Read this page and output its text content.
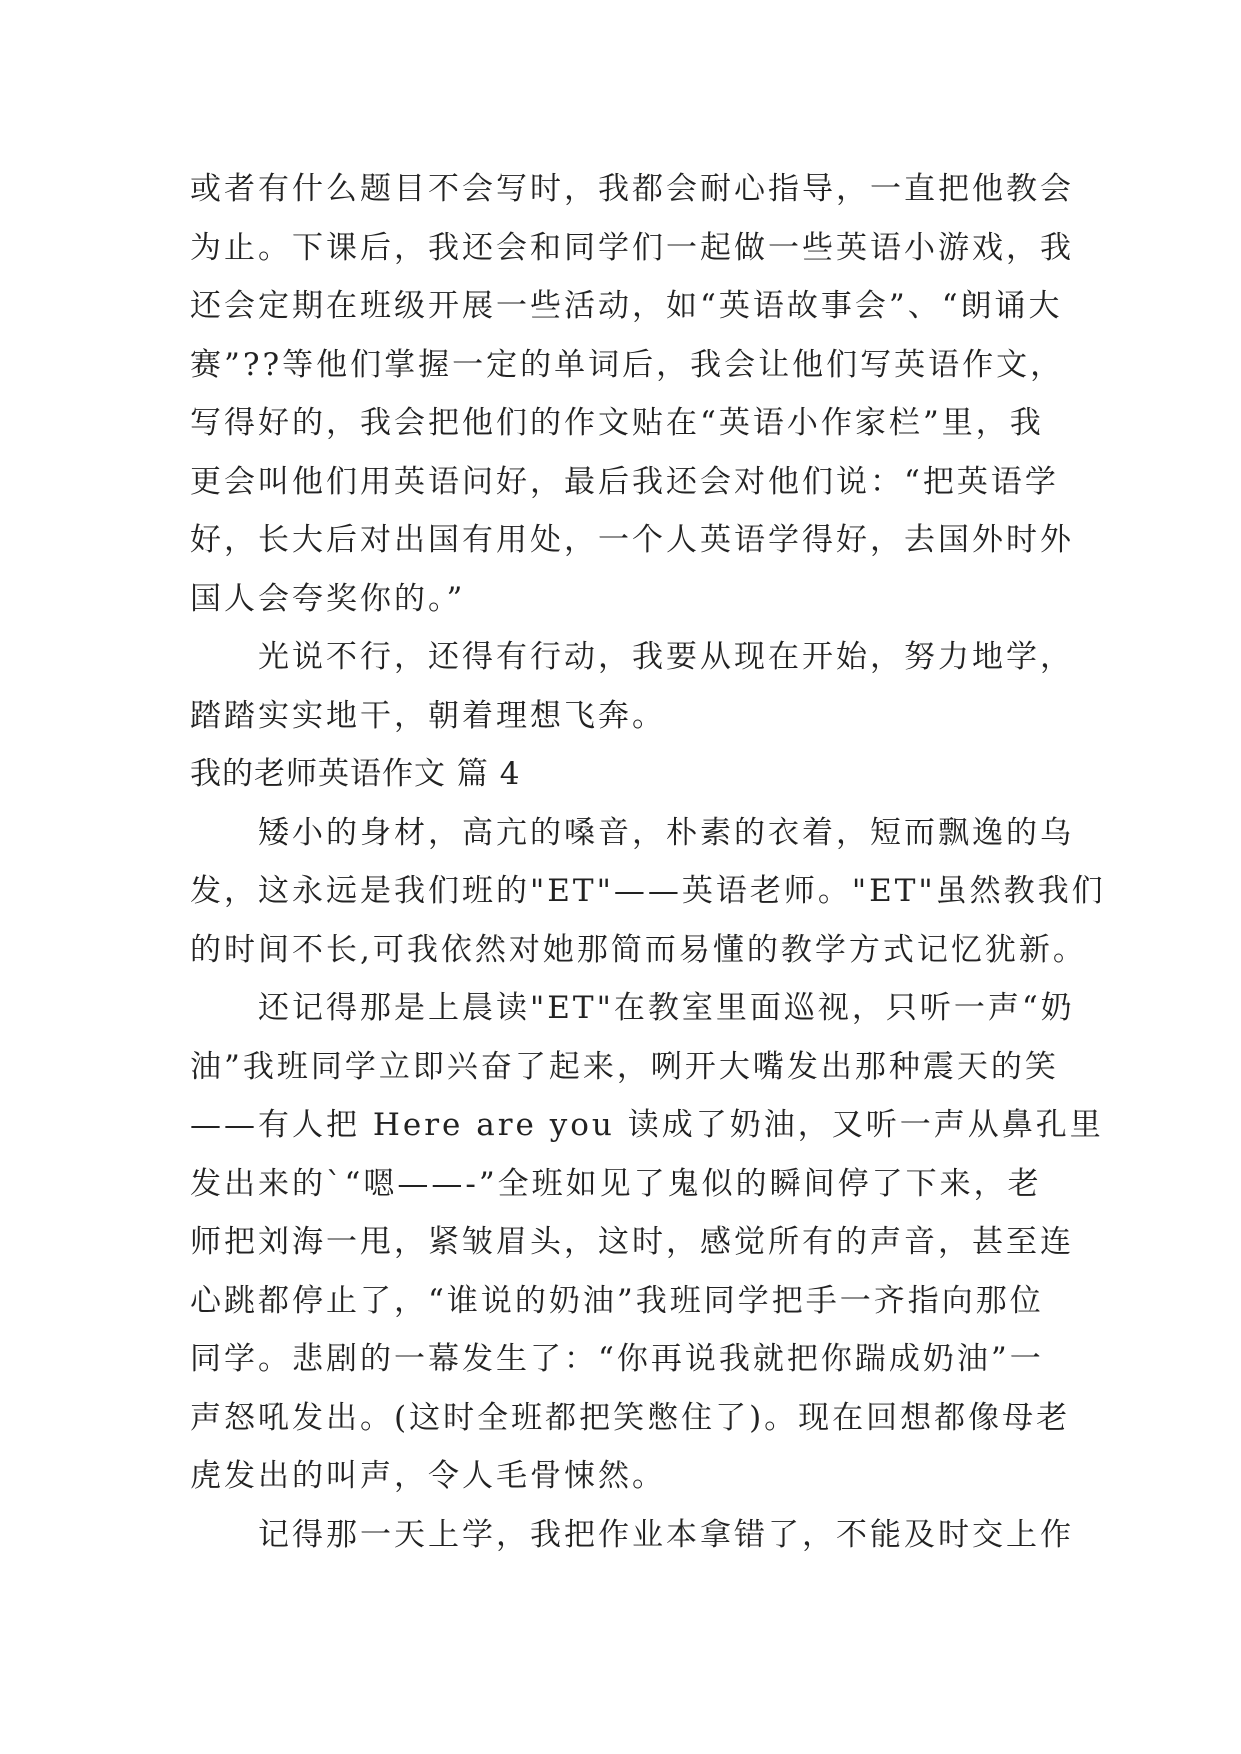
或者有什么题目不会写时，我都会耐心指导，一直把他教会
为止。下课后，我还会和同学们一起做一些英语小游戏，我
还会定期在班级开展一些活动，如“英语故事会”、“朗诵大
赛”??等他们掌握一定的单词后，我会让他们写英语作文，
写得好的，我会把他们的作文贴在“英语小作家栏”里，我
更会叫他们用英语问好，最后我还会对他们说：“把英语学
好，长大后对出国有用处，一个人英语学得好，去国外时外
国人会夸奖你的。”
光说不行，还得有行动，我要从现在开始，努力地学，
踏踏实实地干，朝着理想飞奔。
我的老师英语作文 篇 4
矮小的身材，高亢的嗓音，朴素的衣着，短而飘逸的乌
发，这永远是我们班的"ET"——英语老师。"ET"虽然教我们
的时间不长,可我依然对她那简而易懂的教学方式记忆犹新。
还记得那是上晨读"ET"在教室里面巡视，只听一声“奶
油”我班同学立即兴奋了起来，咧开大嘴发出那种震天的笑
——有人把 Here are you 读成了奶油，又听一声从鼻孔里
发出来的`“嗯——-”全班如见了鬼似的瞬间停了下来，老
师把刘海一甩，紧皱眉头，这时，感觉所有的声音，甚至连
心跳都停止了，“谁说的奶油”我班同学把手一齐指向那位
同学。悲剧的一幕发生了：“你再说我就把你踹成奶油”一
声怒吼发出。(这时全班都把笑憋住了)。现在回想都像母老
虎发出的叫声，令人毛骨悚然。
记得那一天上学，我把作业本拿错了，不能及时交上作
